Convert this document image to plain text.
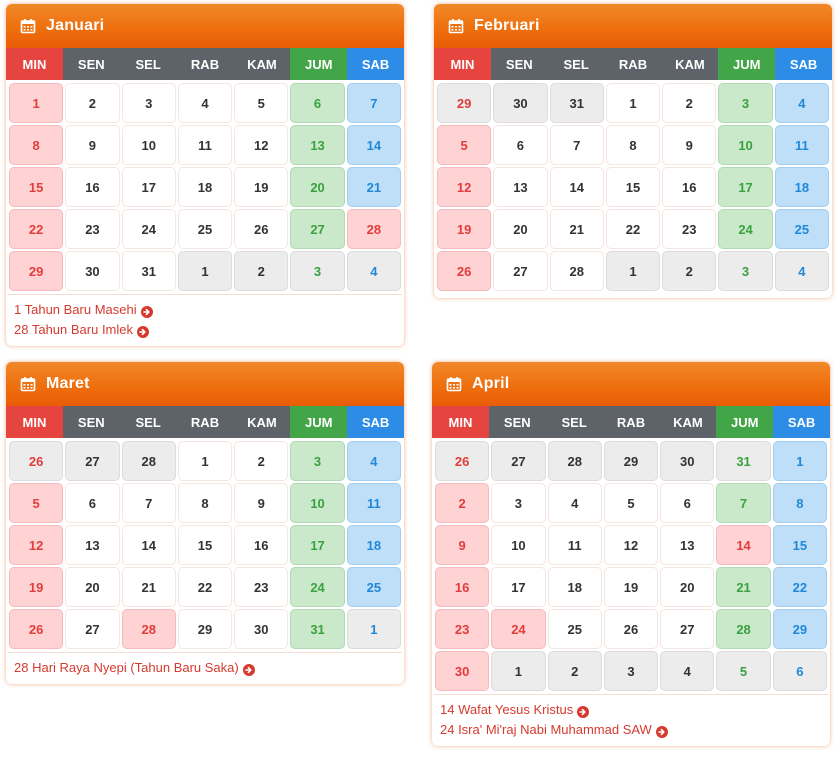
Januari
MIN	SEN	SEL	RAB	KAM	JUM	SAB
1	2	3	4	5	6	7
8	9	10	11	12	13	14
15	16	17	18	19	20	21
22	23	24	25	26	27	28
29	30	31	1	2	3	4
1 Tahun Baru Masehi
28 Tahun Baru Imlek
Februari
MIN	SEN	SEL	RAB	KAM	JUM	SAB
29	30	31	1	2	3	4
5	6	7	8	9	10	11
12	13	14	15	16	17	18
19	20	21	22	23	24	25
26	27	28	1	2	3	4
Maret
MIN	SEN	SEL	RAB	KAM	JUM	SAB
26	27	28	1	2	3	4
5	6	7	8	9	10	11
12	13	14	15	16	17	18
19	20	21	22	23	24	25
26	27	28	29	30	31	1
28 Hari Raya Nyepi (Tahun Baru Saka)
April
MIN	SEN	SEL	RAB	KAM	JUM	SAB
26	27	28	29	30	31	1
2	3	4	5	6	7	8
9	10	11	12	13	14	15
16	17	18	19	20	21	22
23	24	25	26	27	28	29
30	1	2	3	4	5	6
14 Wafat Yesus Kristus
24 Isra' Mi'raj Nabi Muhammad SAW
